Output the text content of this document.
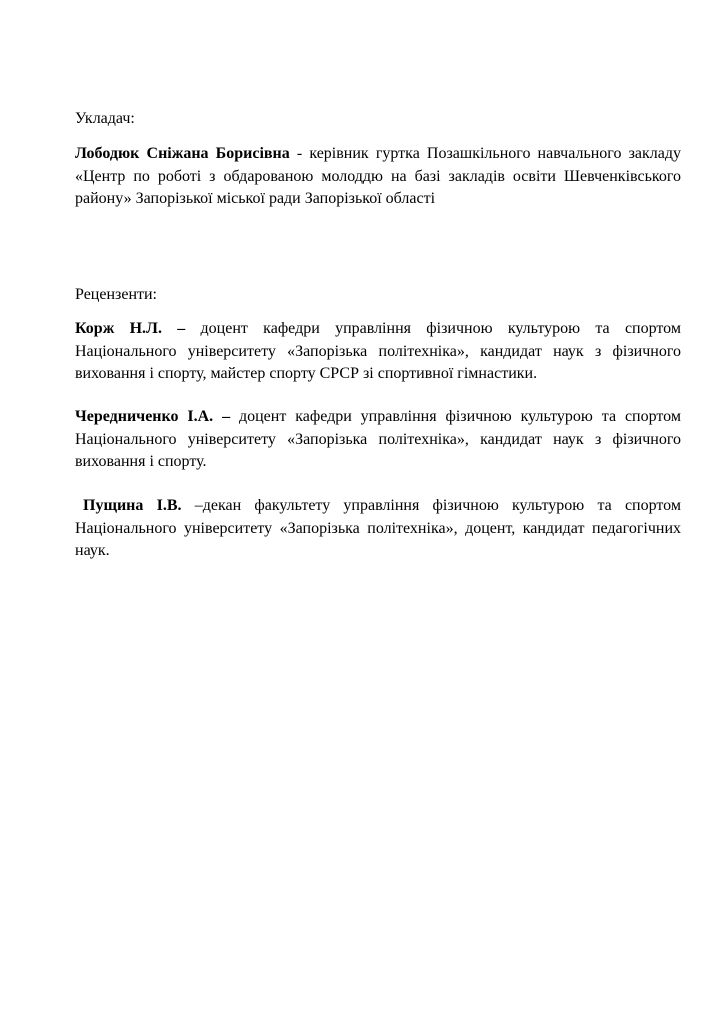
Укладач:

Лободюк Сніжана Борисівна - керівник гуртка Позашкільного навчального закладу «Центр по роботі з обдарованою молоддю на базі закладів освіти Шевченківського району» Запорізької міської ради Запорізької області

Рецензенти:

Корж Н.Л. – доцент кафедри управління фізичною культурою та спортом Національного університету «Запорізька політехніка», кандидат наук з фізичного виховання і спорту, майстер спорту СРСР зі спортивної гімнастики.

Чередниченко І.А. – доцент кафедри управління фізичною культурою та спортом Національного університету «Запорізька політехніка», кандидат наук з фізичного виховання і спорту.

Пущина І.В. –декан факультету управління фізичною культурою та спортом Національного університету «Запорізька політехніка», доцент, кандидат педагогічних наук.
